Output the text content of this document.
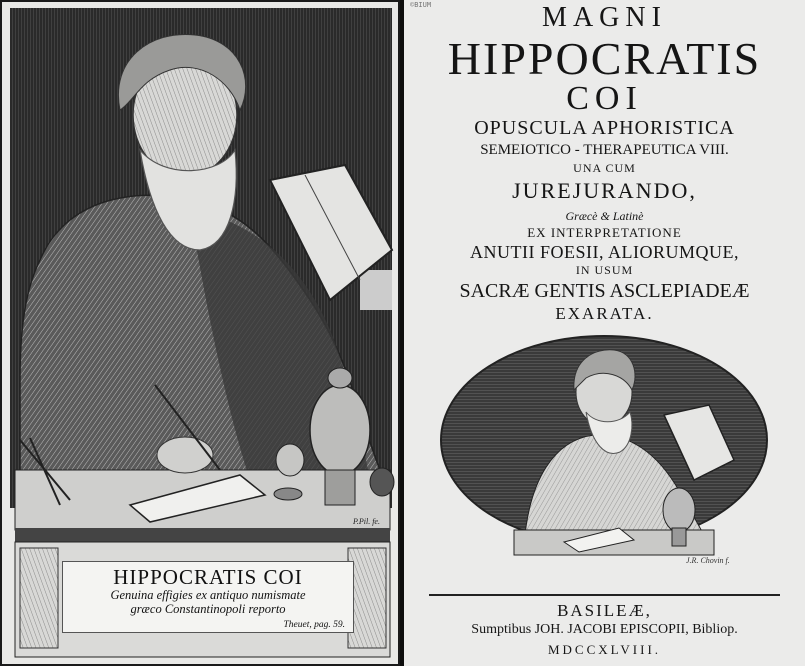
HIPPOCRATIS COI
Genuina effigies ex antiquo numismate
græco Constantinopoli reporto
Theuet, pag. 59.
P.Pil. fe.
©BIUM	MAGNI
HIPPOCRATIS
COI
OPUSCULA APHORISTICA
SEMEIOTICO - THERAPEUTICA VIII.
UNA CUM
JUREJURANDO,
Græcè & Latinè
EX INTERPRETATIONE
ANUTII FOESII, ALIORUMQUE,
IN USUM
SACRÆ GENTIS ASCLEPIADEÆ
EXARATA.
J.R. Chovin f.
BASILEÆ,
Sumptibus JOH. JACOBI EPISCOPII, Bibliop.
MDCCXLVIII.
